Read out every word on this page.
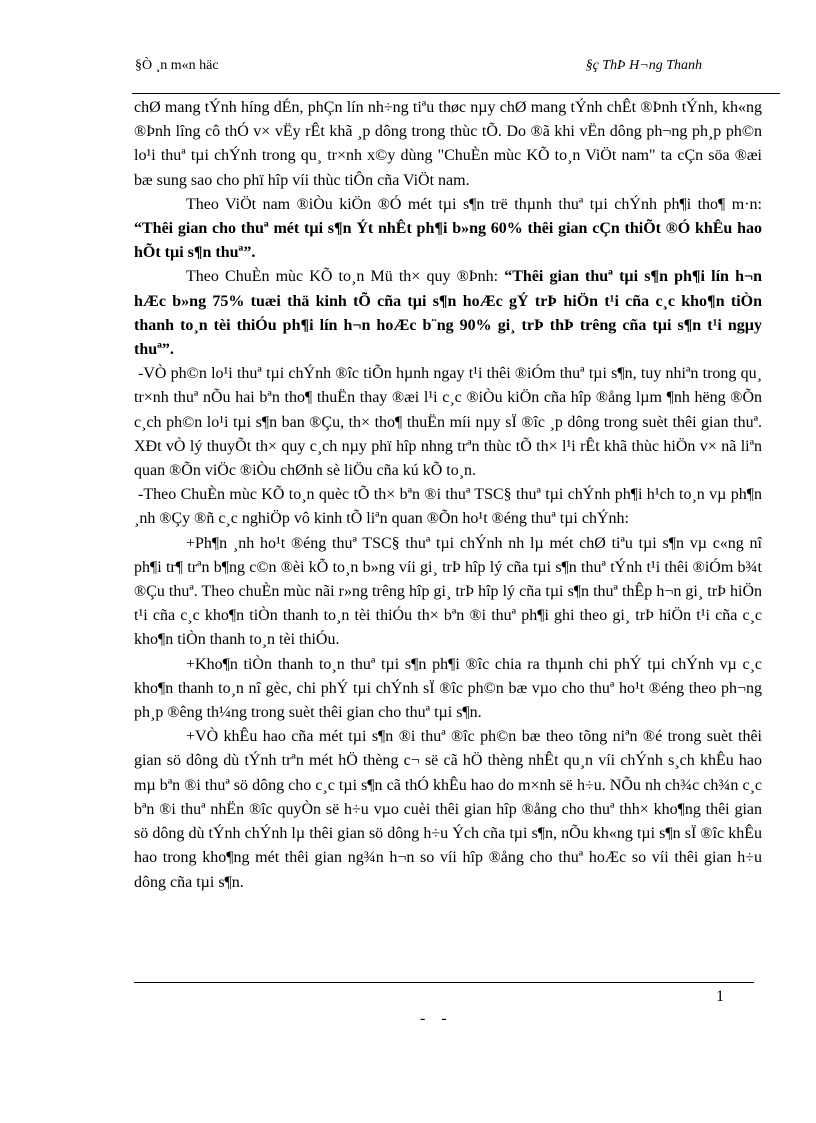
§Ò ¸n m«n häc	§ç ThÞ H¬ng Thanh

chØ mang tÝnh híng dÉn, phÇn lín nh÷ng tiªu thøc nµy chØ mang tÝnh chÊt ®Þnh tÝnh, kh«ng ®Þnh lîng cô thÓ v× vËy rÊt khã ¸p dông trong thùc tÕ. Do ®ã khi vËn dông ph¬ng ph¸p ph©n lo¹i thuª tµi chÝnh trong qu¸ tr×nh x©y dùng "ChuÈn mùc KÕ to¸n ViÖt nam" ta cÇn söa ®æi bæ sung sao cho phï hîp víi thùc tiÔn cña ViÖt nam.

Theo ViÖt nam ®iÒu kiÖn ®Ó mét tµi s¶n trë thµnh thuª tµi chÝnh ph¶i tho¶ m·n: “Thêi gian cho thuª mét tµi s¶n Ýt nhÊt ph¶i b»ng 60% thêi gian cÇn thiÕt ®Ó khÊu hao hÕt tµi s¶n thuª”.

Theo ChuÈn mùc KÕ to¸n Mü th× quy ®Þnh: “Thêi gian thuª tµi s¶n ph¶i lín h¬n hÆc b»ng 75% tuæi thä kinh tÕ cña tµi s¶n hoÆc gÝ trÞ hiÖn t¹i cña c¸c kho¶n tiÒn thanh to¸n tèi thiÓu ph¶i lín h¬n hoÆc b¨ng 90% gi¸ trÞ thÞ trêng cña tµi s¶n t¹i ngµy thuª”.

-VÒ ph©n lo¹i thuª tµi chÝnh ®îc tiÕn hµnh ngay t¹i thêi ®iÓm thuª tµi s¶n, tuy nhiªn trong qu¸ tr×nh thuª nÕu hai bªn tho¶ thuËn thay ®æi l¹i c¸c ®iÒu kiÖn cña hîp ®ång lµm ¶nh hëng ®Õn c¸ch ph©n lo¹i tµi s¶n ban ®Çu, th× tho¶ thuËn míi nµy sÏ ®îc ¸p dông trong suèt thêi gian thuª. XÐt vÒ lý thuyÕt th× quy c¸ch nµy phï hîp nhng trªn thùc tÕ th× l¹i rÊt khã thùc hiÖn v× nã liªn quan ®Õn viÖc ®iÒu chØnh sè liÖu cña kú kÕ to¸n.

-Theo ChuÈn mùc KÕ to¸n quèc tÕ th× bªn ®i thuª TSC§ thuª tµi chÝnh ph¶i h¹ch to¸n vµ ph¶n ¸nh ®Çy ®ñ c¸c nghiÖp vô kinh tÕ liªn quan ®Õn ho¹t ®éng thuª tµi chÝnh:

+Ph¶n ¸nh ho¹t ®éng thuª TSC§ thuª tµi chÝnh nh lµ mét chØ tiªu tµi s¶n vµ c«ng nî ph¶i tr¶ trªn b¶ng c©n ®èi kÕ to¸n b»ng víi gi¸ trÞ hîp lý cña tµi s¶n thuª tÝnh t¹i thêi ®iÓm b¾t ®Çu thuª. Theo chuÈn mùc nãi r»ng trêng hîp gi¸ trÞ hîp lý cña tµi s¶n thuª thÊp h¬n gi¸ trÞ hiÖn t¹i cña c¸c kho¶n tiÒn thanh to¸n tèi thiÓu th× bªn ®i thuª ph¶i ghi theo gi¸ trÞ hiÖn t¹i cña c¸c kho¶n tiÒn thanh to¸n tèi thiÓu.

+Kho¶n tiÒn thanh to¸n thuª tµi s¶n ph¶i ®îc chia ra thµnh chi phÝ tµi chÝnh vµ c¸c kho¶n thanh to¸n nî gèc, chi phÝ tµi chÝnh sÏ ®îc ph©n bæ vµo cho thuª ho¹t ®éng theo ph¬ng ph¸p ®êng th¼ng trong suèt thêi gian cho thuª tµi s¶n.

+VÒ khÊu hao cña mét tµi s¶n ®i thuª ®îc ph©n bæ theo tõng niªn ®é trong suèt thêi gian sö dông dù tÝnh trªn mét hÖ thèng c¬ së cã hÖ thèng nhÊt qu¸n víi chÝnh s¸ch khÊu hao mµ bªn ®i thuª sö dông cho c¸c tµi s¶n cã thÓ khÊu hao do m×nh së h÷u. NÕu nh ch¾c ch¾n c¸c bªn ®i thuª nhËn ®îc quyÒn së h÷u vµo cuèi thêi gian hîp ®ång cho thuª thh× kho¶ng thêi gian sö dông dù tÝnh chÝnh lµ thêi gian sö dông h÷u Ých cña tµi s¶n, nÕu kh«ng tµi s¶n sÏ ®îc khÊu hao trong kho¶ng mét thêi gian ng¾n h¬n so víi hîp ®ång cho thuª hoÆc so víi thêi gian h÷u dông cña tµi s¶n.

1
- -
